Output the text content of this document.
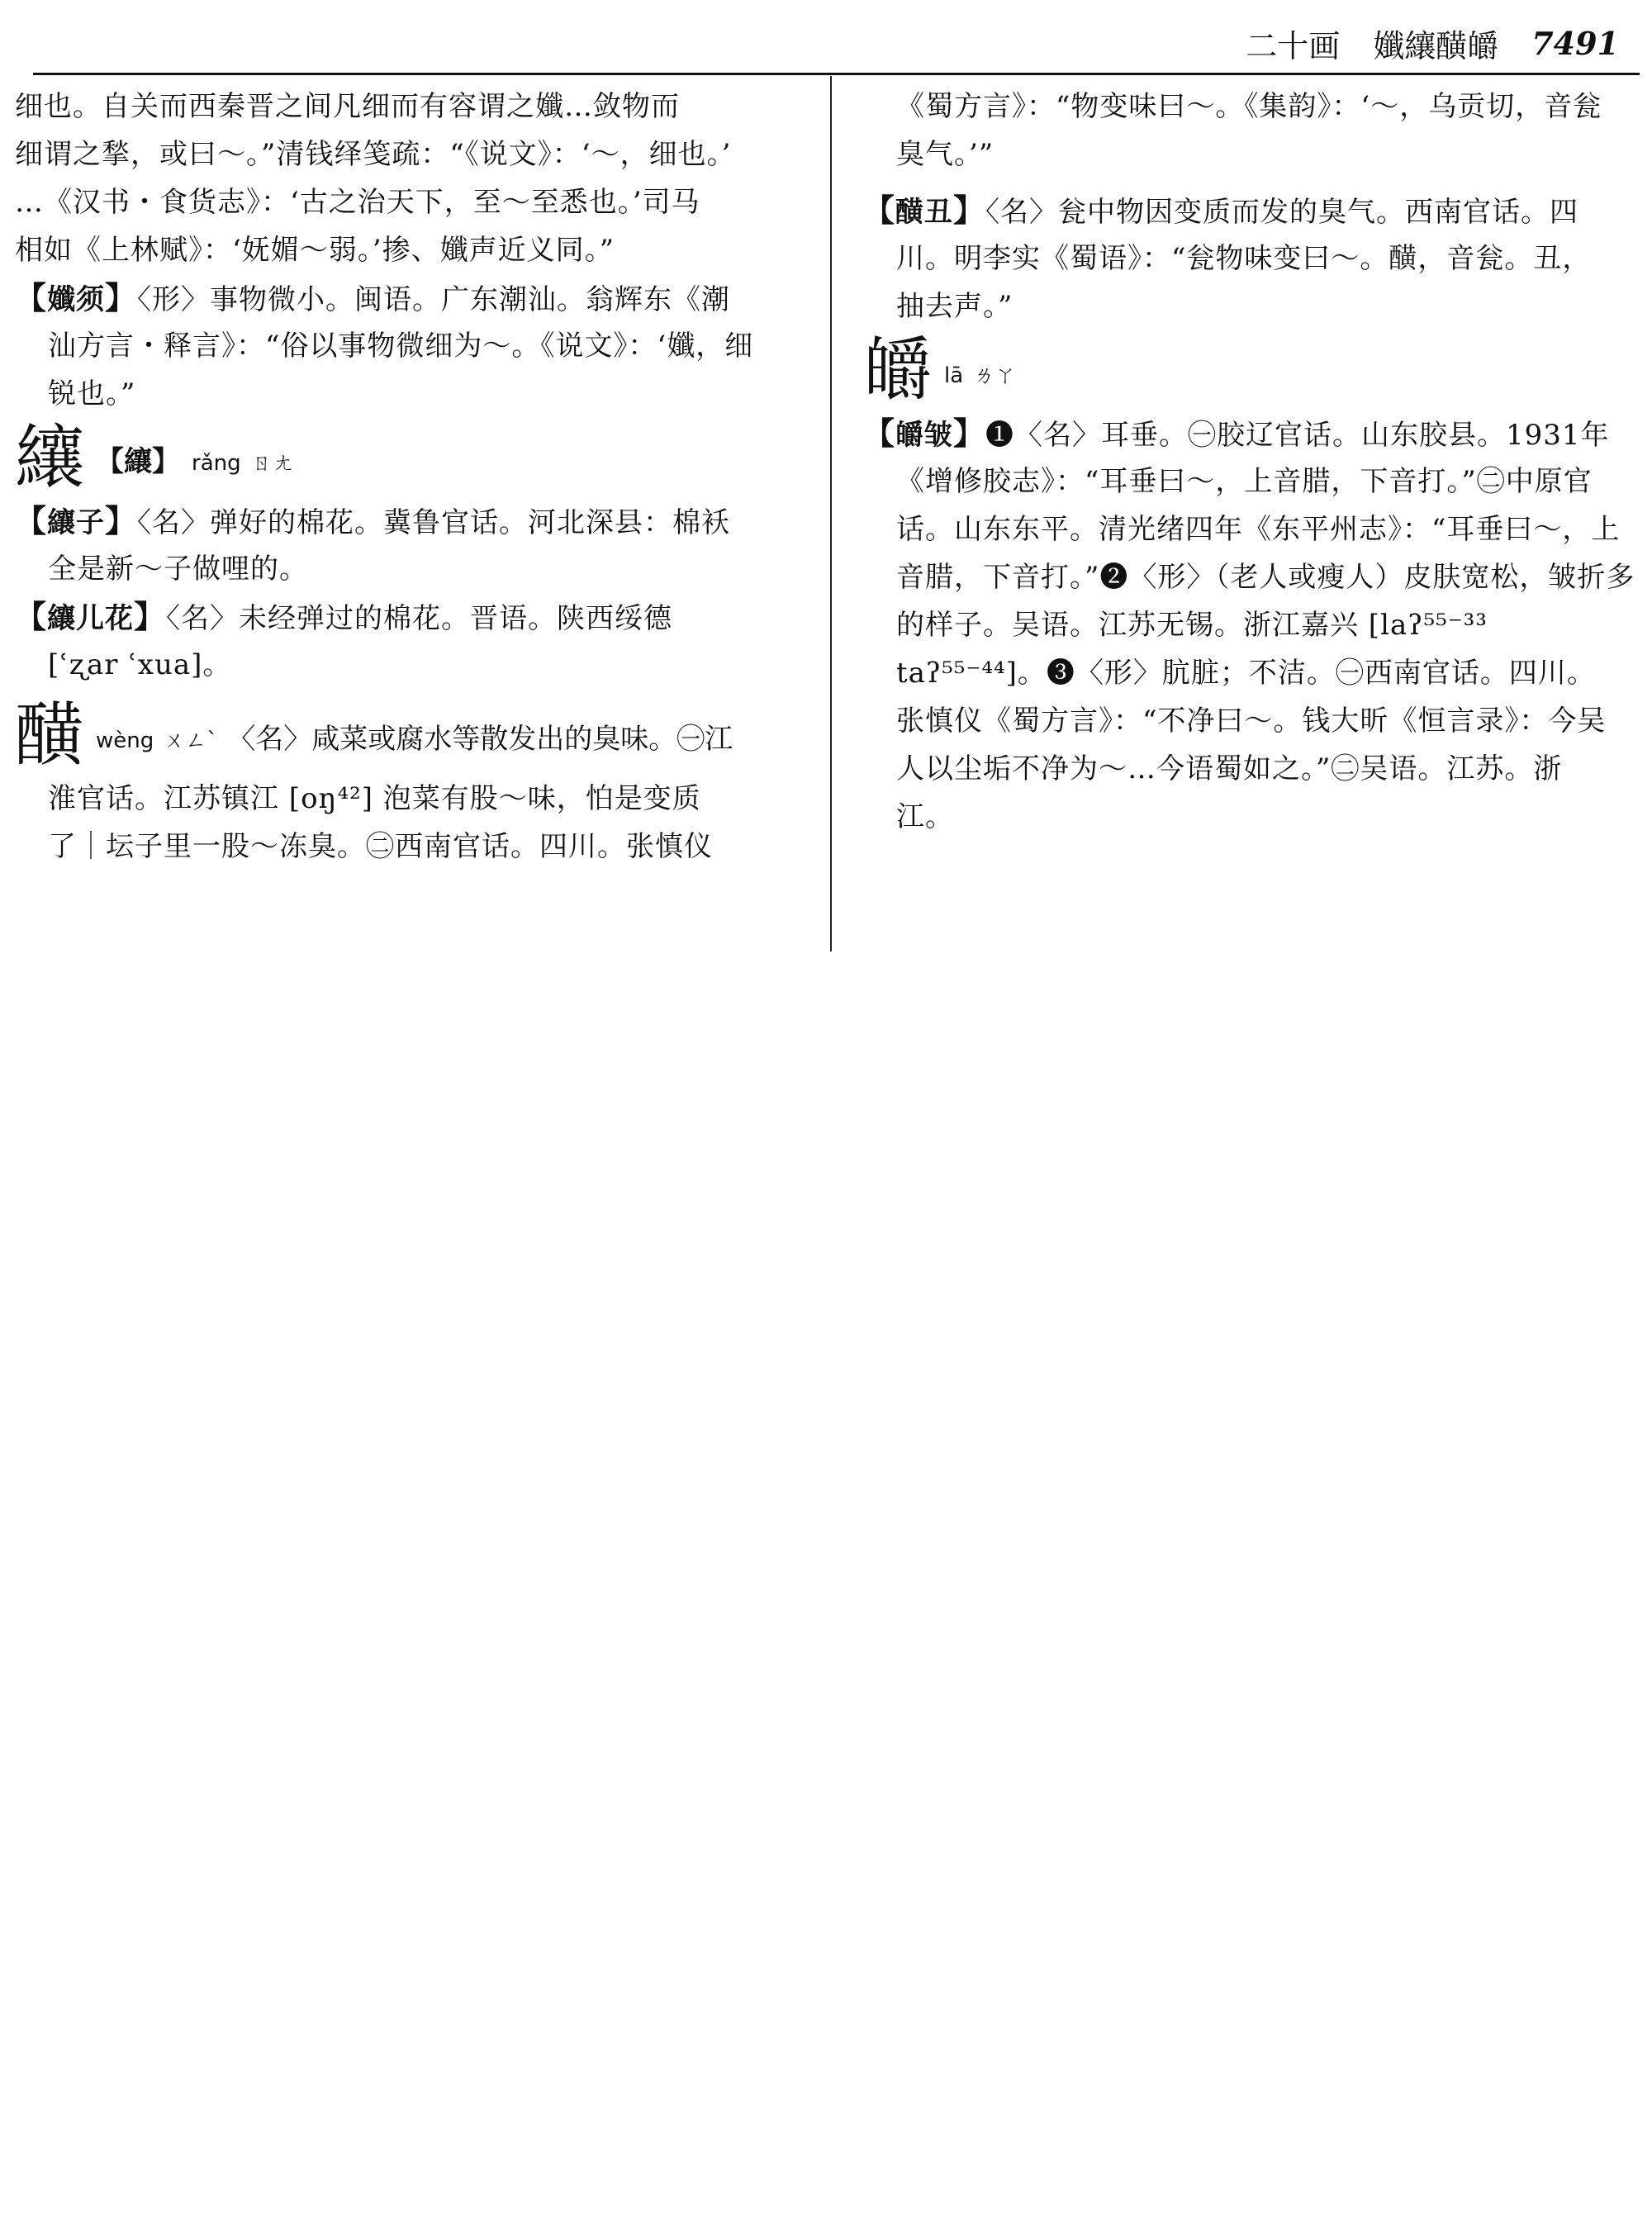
二十画 孅纕䤑皭 7491
细也。自关而西秦晋之间凡细而有容谓之孅…敛物而
细谓之揫，或曰～。”清钱绎笺疏：“《说文》：‘～，细也。’
…《汉书・食货志》：‘古之治天下，至～至悉也。’司马
相如《上林赋》：‘妩媚～弱。’掺、孅声近义同。”
【孅须】〈形〉事物微小。闽语。广东潮汕。翁辉东《潮
汕方言・释言》：“俗以事物微细为～。《说文》：‘孅，细
锐也。”
纕 【纕】 rǎng ㄖㄤ
【纕子】〈名〉弹好的棉花。冀鲁官话。河北深县：棉袄
全是新～子做哩的。
【纕儿花】〈名〉未经弹过的棉花。晋语。陕西绥德
[ʿʐar ʿxua]。
䤑 wèng ㄨㄥˋ 〈名〉咸菜或腐水等散发出的臭味。㊀江
淮官话。江苏镇江 [oŋ⁴²] 泡菜有股～味，怕是变质
了｜坛子里一股～冻臭。㊁西南官话。四川。张慎仪
《蜀方言》：“物变味曰～。《集韵》：‘～，乌贡切，音瓮
臭气。’”
【䤑丑】〈名〉瓮中物因变质而发的臭气。西南官话。四
川。明李实《蜀语》：“瓮物味变曰～。䤑，音瓮。丑，
抽去声。”
皭 lā ㄌㄚ
【皭皱】❶〈名〉耳垂。㊀胶辽官话。山东胶县。1931年
《增修胶志》：“耳垂曰～，上音腊，下音打。”㊁中原官
话。山东东平。清光绪四年《东平州志》：“耳垂曰～，上
音腊，下音打。”❷〈形〉（老人或瘦人）皮肤宽松，皱折多
的样子。吴语。江苏无锡。浙江嘉兴 [laʔ⁵⁵⁻³³
taʔ⁵⁵⁻⁴⁴]。❸〈形〉肮脏；不洁。㊀西南官话。四川。
张慎仪《蜀方言》：“不净曰～。钱大昕《恒言录》：今吴
人以尘垢不净为～…今语蜀如之。”㊁吴语。江苏。浙
江。
